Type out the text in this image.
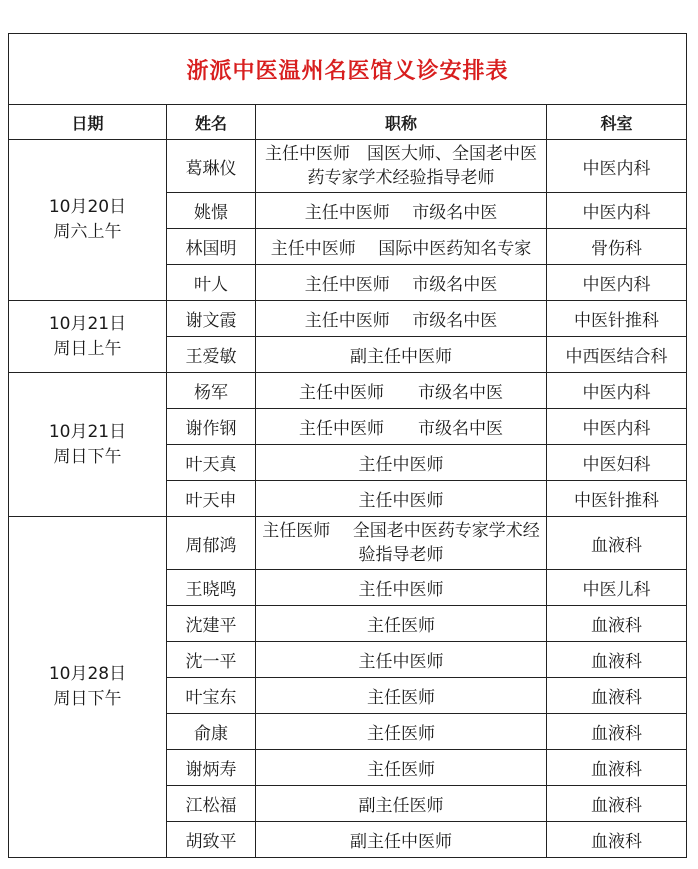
浙派中医温州名医馆义诊安排表			
日期	姓名	职称	科室

10月20日
周六上午	葛琳仪	主任中医师　国医大师、全国老中医药专家学术经验指导老师	中医内科
	姚憬	主任中医师　 市级名中医	中医内科
	林国明	主任中医师　 国际中医药知名专家	骨伤科
	叶人	主任中医师　 市级名中医	中医内科

10月21日
周日上午	谢文霞	主任中医师　 市级名中医	中医针推科
	王爱敏	副主任中医师	中西医结合科

10月21日
周日下午	杨军	主任中医师　　市级名中医	中医内科
	谢作钢	主任中医师　　市级名中医	中医内科
	叶天真	主任中医师	中医妇科
	叶天申	主任中医师	中医针推科

10月28日
周日下午	周郁鸿	主任医师　 全国老中医药专家学术经验指导老师	血液科
	王晓鸣	主任中医师	中医儿科
	沈建平	主任医师	血液科
	沈一平	主任中医师	血液科
	叶宝东	主任医师	血液科
	俞康	主任医师	血液科
	谢炳寿	主任医师	血液科
	江松福	副主任医师	血液科
	胡致平	副主任中医师	血液科
